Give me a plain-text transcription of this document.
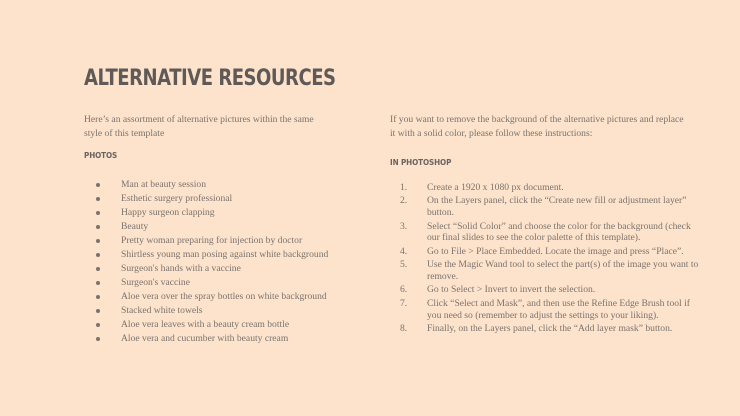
ALTERNATIVE RESOURCES

Here’s an assortment of alternative pictures within the same style of this template

PHOTOS
Man at beauty session
Esthetic surgery professional
Happy surgeon clapping
Beauty
Pretty woman preparing for injection by doctor
Shirtless young man posing against white background
Surgeon's hands with a vaccine
Surgeon's vaccine
Aloe vera over the spray bottles on white background
Stacked white towels
Aloe vera leaves with a beauty cream bottle
Aloe vera and cucumber with beauty cream

If you want to remove the background of the alternative pictures and replace it with a solid color, please follow these instructions:

IN PHOTOSHOP
1.	Create a 1920 x 1080 px document.
2.	On the Layers panel, click the “Create new fill or adjustment layer” button.
3.	Select “Solid Color” and choose the color for the background (check our final slides to see the color palette of this template).
4.	Go to File > Place Embedded. Locate the image and press “Place”.
5.	Use the Magic Wand tool to select the part(s) of the image you want to remove.
6.	Go to Select > Invert to invert the selection.
7.	Click “Select and Mask”, and then use the Refine Edge Brush tool if you need so (remember to adjust the settings to your liking).
8.	Finally, on the Layers panel, click the “Add layer mask” button.
